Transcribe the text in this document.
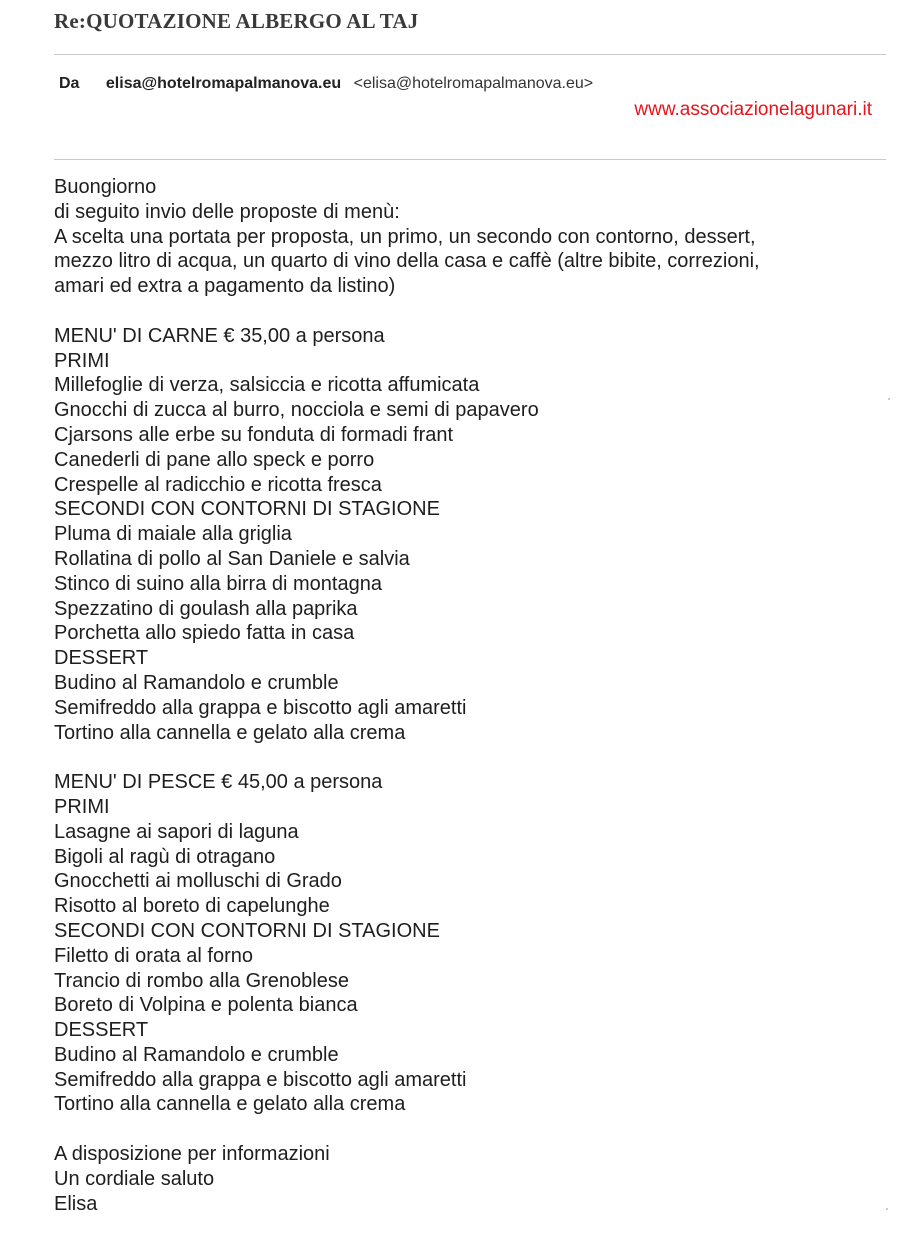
Re:QUOTAZIONE ALBERGO AL TAJ
Da elisa@hotelromapalmanova.eu <elisa@hotelromapalmanova.eu>
www.associazionelagunari.it
Buongiorno
di seguito invio delle proposte di menù:
A scelta una portata per proposta, un primo, un secondo con contorno, dessert,
mezzo litro di acqua, un quarto di vino della casa e caffè (altre bibite, correzioni,
amari ed extra a pagamento da listino)
MENU' DI CARNE € 35,00 a persona
PRIMI
Millefoglie di verza, salsiccia e ricotta affumicata
Gnocchi di zucca al burro, nocciola e semi di papavero
Cjarsons alle erbe su fonduta di formadi frant
Canederli di pane allo speck e porro
Crespelle al radicchio e ricotta fresca
SECONDI CON CONTORNI DI STAGIONE
Pluma di maiale alla griglia
Rollatina di pollo al San Daniele e salvia
Stinco di suino alla birra di montagna
Spezzatino di goulash alla paprika
Porchetta allo spiedo fatta in casa
DESSERT
Budino al Ramandolo e crumble
Semifreddo alla grappa e biscotto agli amaretti
Tortino alla cannella e gelato alla crema
MENU' DI PESCE € 45,00 a persona
PRIMI
Lasagne ai sapori di laguna
Bigoli al ragù di otragano
Gnocchetti ai molluschi di Grado
Risotto al boreto di capelunghe
SECONDI CON CONTORNI DI STAGIONE
Filetto di orata al forno
Trancio di rombo alla Grenoblese
Boreto di Volpina e polenta bianca
DESSERT
Budino al Ramandolo e crumble
Semifreddo alla grappa e biscotto agli amaretti
Tortino alla cannella e gelato alla crema
A disposizione per informazioni
Un cordiale saluto
Elisa
